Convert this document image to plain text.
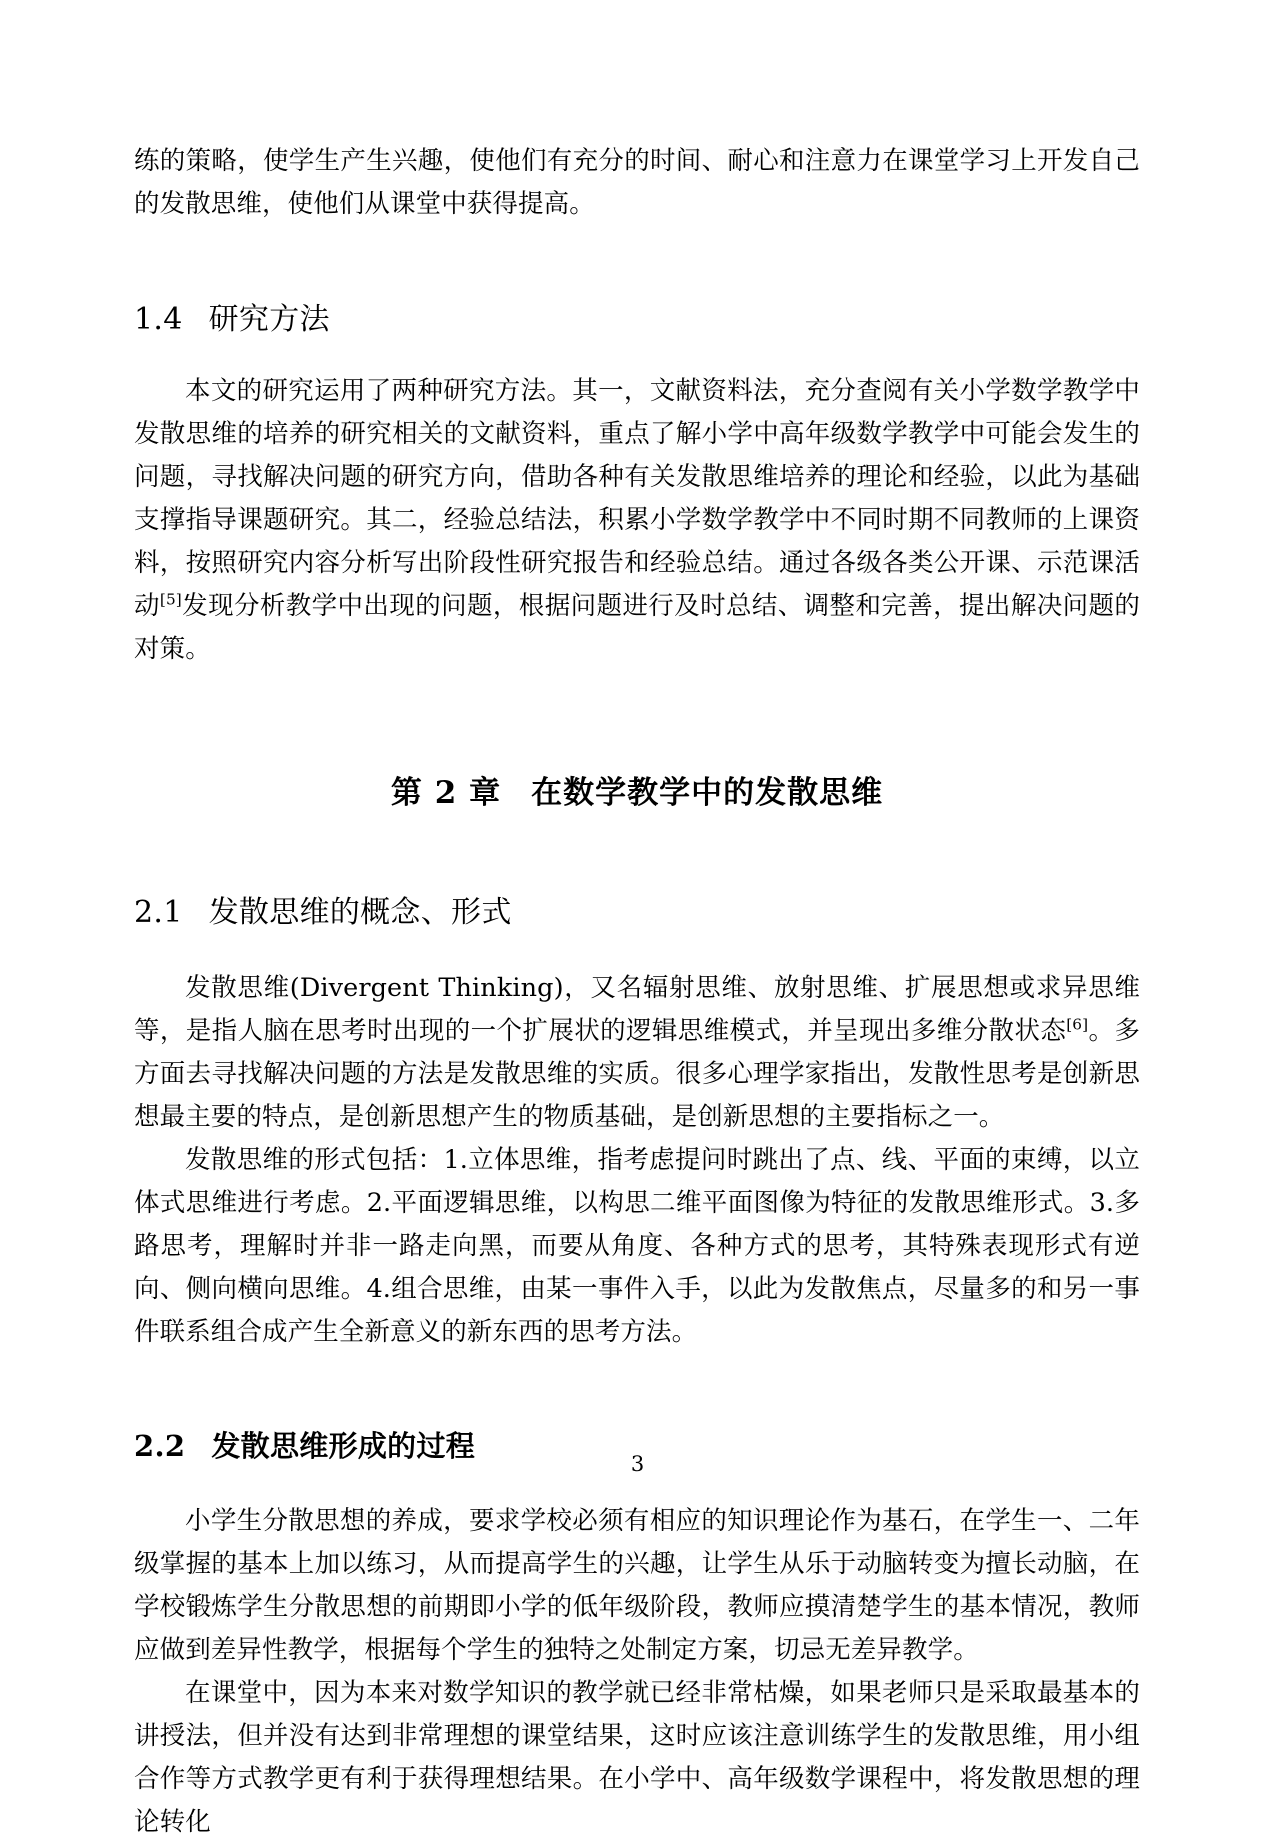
练的策略，使学生产生兴趣，使他们有充分的时间、耐心和注意力在课堂学习上开发自己的发散思维，使他们从课堂中获得提高。

1.4 研究方法

本文的研究运用了两种研究方法。其一，文献资料法，充分查阅有关小学数学教学中发散思维的培养的研究相关的文献资料，重点了解小学中高年级数学教学中可能会发生的问题，寻找解决问题的研究方向，借助各种有关发散思维培养的理论和经验，以此为基础支撑指导课题研究。其二，经验总结法，积累小学数学教学中不同时期不同教师的上课资料，按照研究内容分析写出阶段性研究报告和经验总结。通过各级各类公开课、示范课活动[5]发现分析教学中出现的问题，根据问题进行及时总结、调整和完善，提出解决问题的对策。

第 2 章 在数学教学中的发散思维
2.1 发散思维的概念、形式

发散思维(Divergent Thinking)，又名辐射思维、放射思维、扩展思想或求异思维等，是指人脑在思考时出现的一个扩展状的逻辑思维模式，并呈现出多维分散状态[6]。多方面去寻找解决问题的方法是发散思维的实质。很多心理学家指出，发散性思考是创新思想最主要的特点，是创新思想产生的物质基础，是创新思想的主要指标之一。

发散思维的形式包括：1.立体思维，指考虑提问时跳出了点、线、平面的束缚，以立体式思维进行考虑。2.平面逻辑思维，以构思二维平面图像为特征的发散思维形式。3.多路思考，理解时并非一路走向黑，而要从角度、各种方式的思考，其特殊表现形式有逆向、侧向横向思维。4.组合思维，由某一事件入手，以此为发散焦点，尽量多的和另一事件联系组合成产生全新意义的新东西的思考方法。

2.2 发散思维形成的过程

小学生分散思想的养成，要求学校必须有相应的知识理论作为基石，在学生一、二年级掌握的基本上加以练习，从而提高学生的兴趣，让学生从乐于动脑转变为擅长动脑，在学校锻炼学生分散思想的前期即小学的低年级阶段，教师应摸清楚学生的基本情况，教师应做到差异性教学，根据每个学生的独特之处制定方案，切忌无差异教学。

在课堂中，因为本来对数学知识的教学就已经非常枯燥，如果老师只是采取最基本的讲授法，但并没有达到非常理想的课堂结果，这时应该注意训练学生的发散思维，用小组合作等方式教学更有利于获得理想结果。在小学中、高年级数学课程中，将发散思想的理论转化

3
